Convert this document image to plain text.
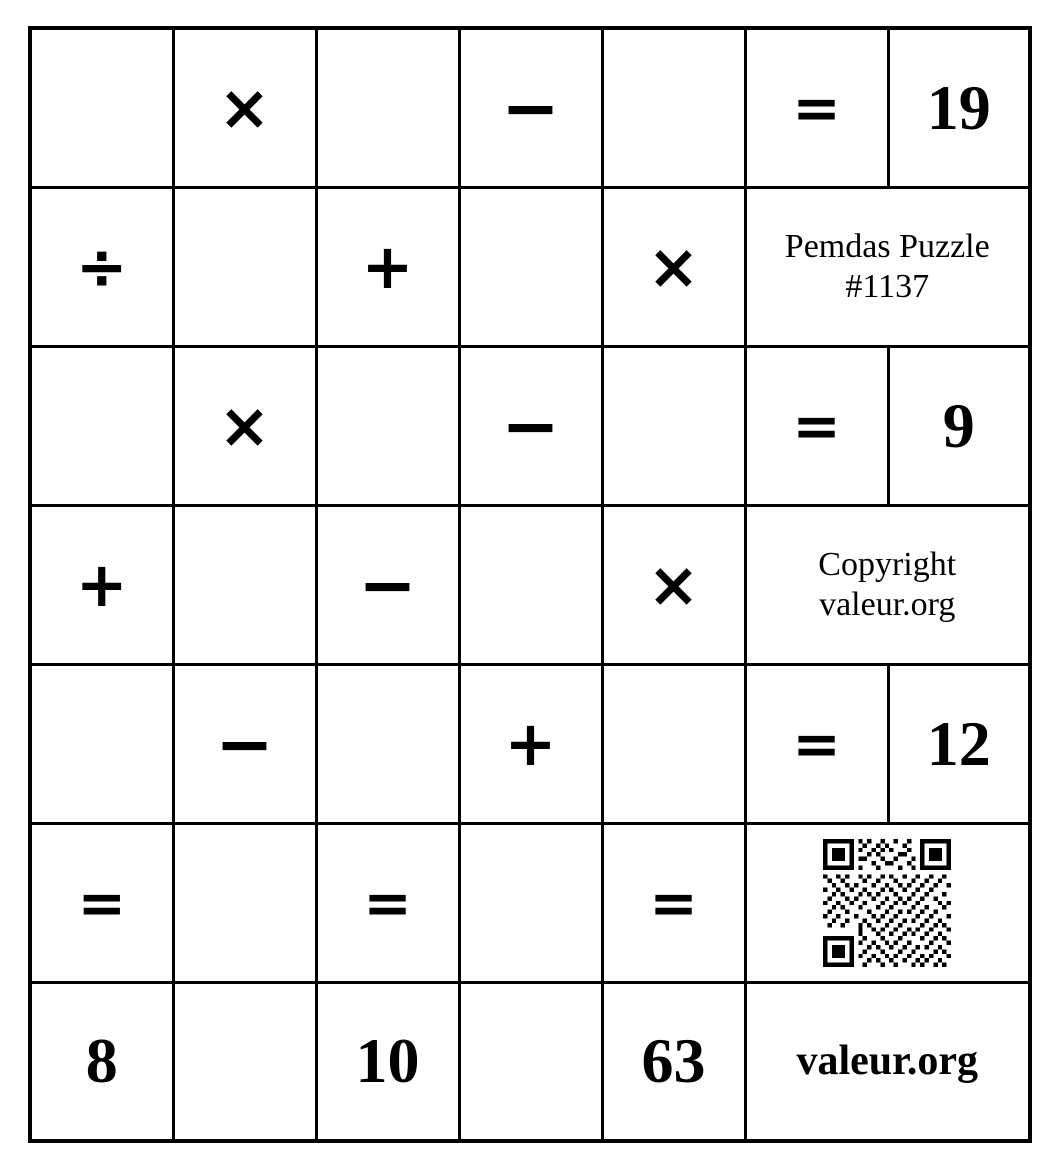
	×		−		=	19
÷		+		×	Pemdas Puzzle
#1137	

	×		−		=	9
+		−		×	Copyright
valeur.org	

	−		+		=	12
=		=		=	

8		10		63	valeur.org	
